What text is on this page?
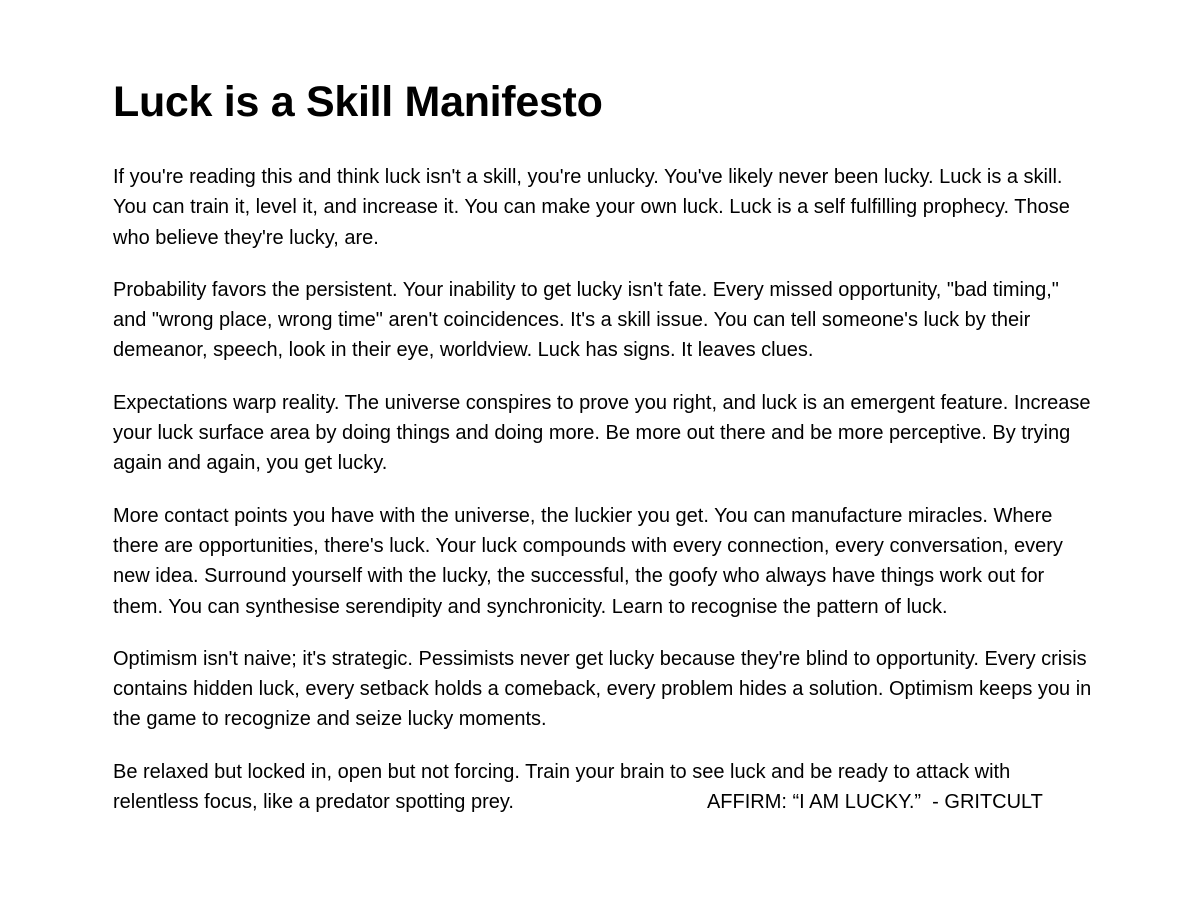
Luck is a Skill Manifesto

If you're reading this and think luck isn't a skill, you're unlucky. You've likely never been lucky. Luck is a skill. You can train it, level it, and increase it. You can make your own luck. Luck is a self fulfilling prophecy. Those who believe they're lucky, are.

Probability favors the persistent. Your inability to get lucky isn't fate. Every missed opportunity, "bad timing," and "wrong place, wrong time" aren't coincidences. It's a skill issue. You can tell someone's luck by their demeanor, speech, look in their eye, worldview. Luck has signs. It leaves clues.

Expectations warp reality. The universe conspires to prove you right, and luck is an emergent feature. Increase your luck surface area by doing things and doing more. Be more out there and be more perceptive. By trying again and again, you get lucky.

More contact points you have with the universe, the luckier you get. You can manufacture miracles. Where there are opportunities, there's luck. Your luck compounds with every connection, every conversation, every new idea. Surround yourself with the lucky, the successful, the goofy who always have things work out for them. You can synthesise serendipity and synchronicity. Learn to recognise the pattern of luck.

Optimism isn't naive; it's strategic. Pessimists never get lucky because they're blind to opportunity. Every crisis contains hidden luck, every setback holds a comeback, every problem hides a solution. Optimism keeps you in the game to recognize and seize lucky moments.

Be relaxed but locked in, open but not forcing. Train your brain to see luck and be ready to attack with relentless focus, like a predator spotting prey.	AFFIRM: “I AM LUCKY.”  - GRITCULT
